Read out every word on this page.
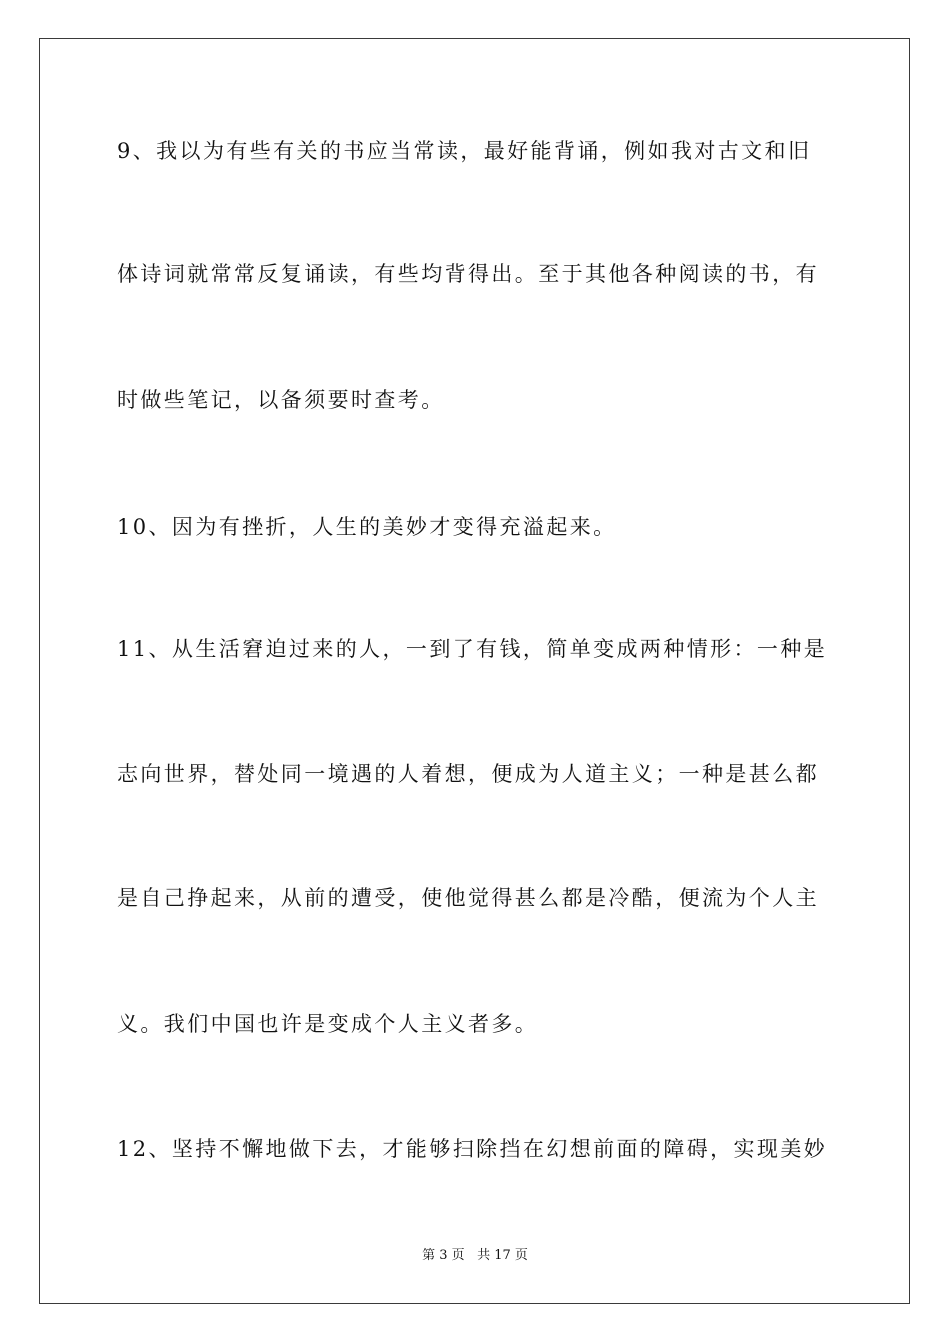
9、我以为有些有关的书应当常读，最好能背诵，例如我对古文和旧

体诗词就常常反复诵读，有些均背得出。至于其他各种阅读的书，有

时做些笔记，以备须要时查考。

10、因为有挫折，人生的美妙才变得充溢起来。

11、从生活窘迫过来的人，一到了有钱，简单变成两种情形：一种是

志向世界，替处同一境遇的人着想，便成为人道主义；一种是甚么都

是自己挣起来，从前的遭受，使他觉得甚么都是冷酷，便流为个人主

义。我们中国也许是变成个人主义者多。

12、坚持不懈地做下去，才能够扫除挡在幻想前面的障碍，实现美妙

第 3 页 共 17 页
